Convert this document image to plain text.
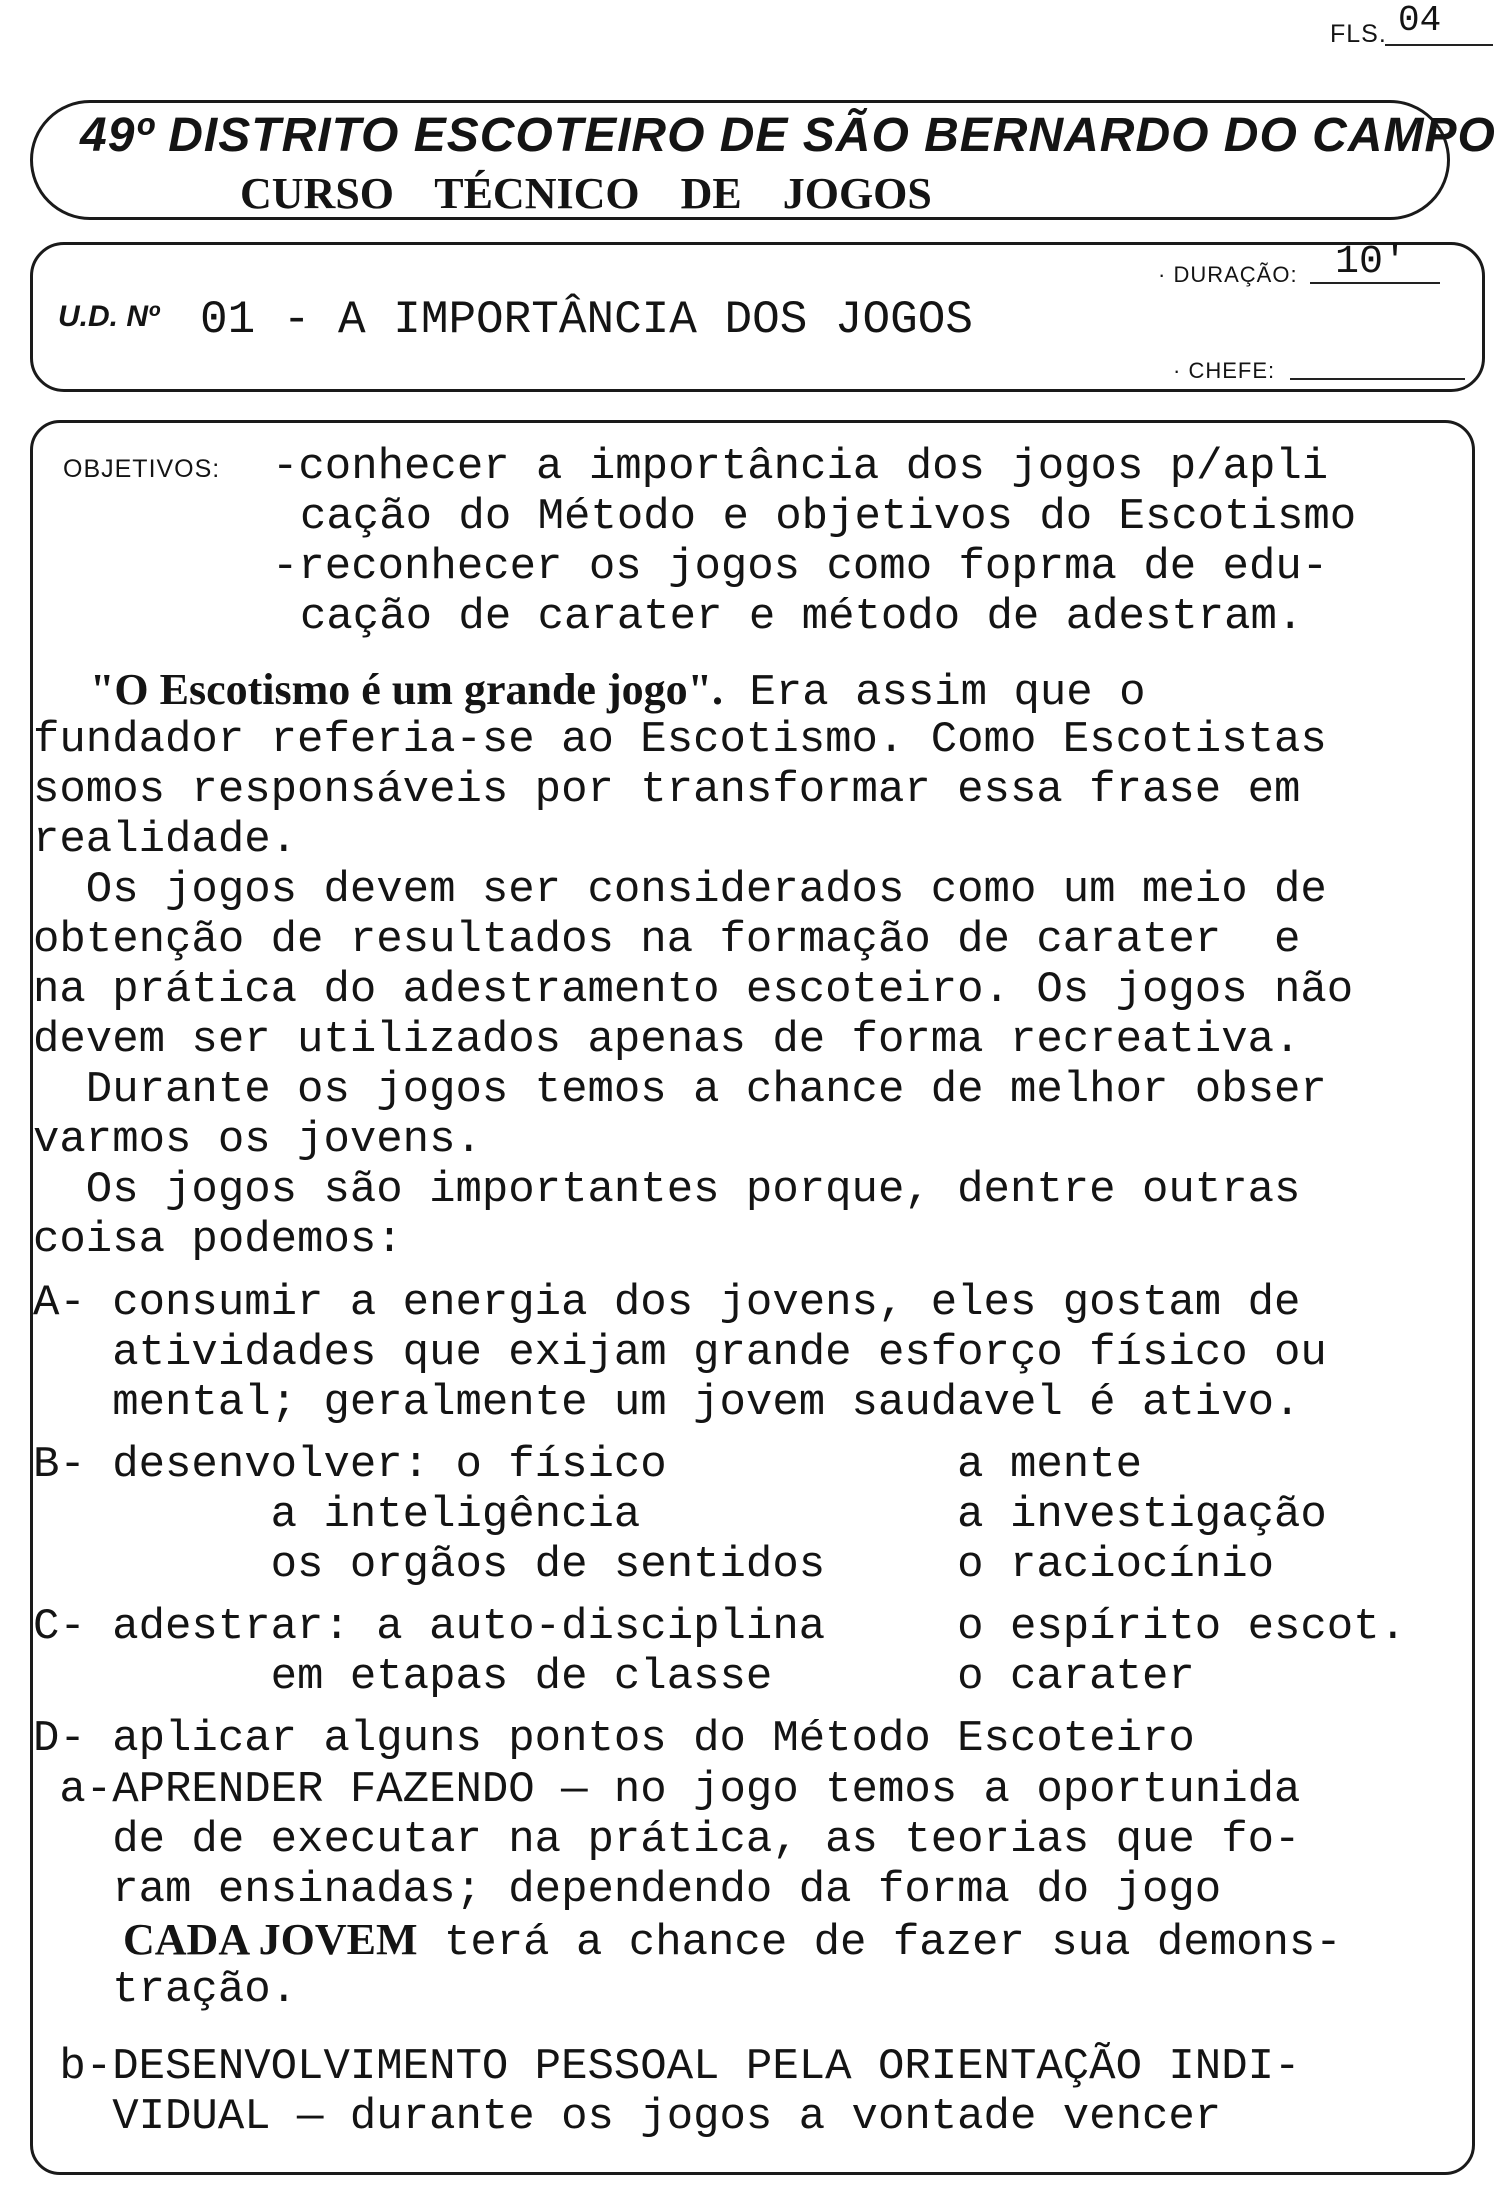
FLS. 04
49º DISTRITO ESCOTEIRO DE SÃO BERNARDO DO CAMPO
CURSO TÉCNICO DE JOGOS
U.D. Nº 01 - A IMPORTÂNCIA DOS JOGOS
· DURAÇÃO: 10'
· CHEFE:
OBJETIVOS: -conhecer a importância dos jogos p/apli
cação do Método e objetivos do Escotismo
-reconhecer os jogos como foprma de edu-
cação de carater e método de adestram.
"O Escotismo é um grande jogo". Era assim que o
fundador referia-se ao Escotismo. Como Escotistas
somos responsáveis por transformar essa frase em
realidade.
Os jogos devem ser considerados como um meio de
obtenção de resultados na formação de carater  e
na prática do adestramento escoteiro. Os jogos não
devem ser utilizados apenas de forma recreativa.
Durante os jogos temos a chance de melhor obser
varmos os jovens.
Os jogos são importantes porque, dentre outras
coisa podemos:
A- consumir a energia dos jovens, eles gostam de
atividades que exijam grande esforço físico ou
mental; geralmente um jovem saudavel é ativo.
B- desenvolver: o físico           a mente
a inteligência            a investigação
os orgãos de sentidos     o raciocínio
C- adestrar: a auto-disciplina     o espírito escot.
em etapas de classe       o carater
D- aplicar alguns pontos do Método Escoteiro
a-APRENDER FAZENDO — no jogo temos a oportunida
de de executar na prática, as teorias que fo-
ram ensinadas; dependendo da forma do jogo
CADA JOVEM terá a chance de fazer sua demons-
tração.
b-DESENVOLVIMENTO PESSOAL PELA ORIENTAÇÃO INDI-
VIDUAL — durante os jogos a vontade vencer
